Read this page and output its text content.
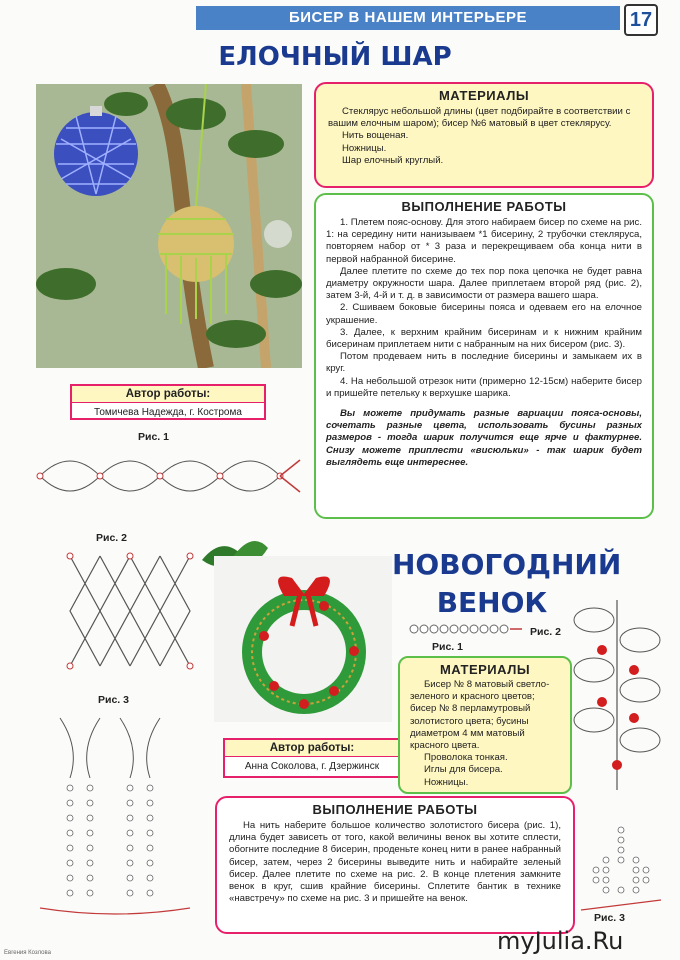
БИСЕР В НАШЕМ ИНТЕРЬЕРЕ	17

ЕЛОЧНЫЙ ШАР
МАТЕРИАЛЫ

Стеклярус небольшой длины (цвет подбирайте в соответствии с вашим елочным шаром); бисер №6 матовый в цвет стеклярусу.

Нить вощеная.

Ножницы.

Шар елочный круглый.

ВЫПОЛНЕНИЕ РАБОТЫ

1. Плетем пояс-основу. Для этого набираем бисер по схеме на рис. 1: на середину нити нанизываем *1 бисерину, 2 трубочки стекляруса, повторяем набор от * 3 раза и перекрещиваем оба конца нити в первой набранной бисерине.

Далее плетите по схеме до тех пор пока цепочка не будет равна диаметру окружности шара. Далее приплетаем второй ряд (рис. 2), затем 3-й, 4-й и т. д. в зависимости от размера вашего шара.

2. Сшиваем боковые бисерины пояса и одеваем его на елочное украшение.

3. Далее, к верхним крайним бисеринам и к нижним крайним бисеринам приплетаем нити с набранным на них бисером (рис. 3).

Потом продеваем нить в последние бисерины и замыкаем их в круг.

4. На небольшой отрезок нити (примерно 12-15см) наберите бисер и пришейте петельку к верхушке шарика.

Вы можете придумать разные вариации пояса-основы, сочетать разные цвета, использовать бусины разных размеров - тогда шарик получится еще ярче и фактурнее. Снизу можете приплести «висюльки» - так шарик будет выглядеть еще интереснее.

Автор работы:
Томичева Надежда, г. Кострома
Рис. 1
Рис. 2
Рис. 3
НОВОГОДНИЙ
ВЕНОК
Автор работы:
Анна Соколова, г. Дзержинск
Рис. 1
Рис. 2
Рис. 3
МАТЕРИАЛЫ

Бисер № 8 матовый светло-зеленого и красного цветов; бисер № 8 перламутровый золотистого цвета; бусины диаметром 4 мм матовый красного цвета.

Проволока тонкая.

Иглы для бисера.

Ножницы.

ВЫПОЛНЕНИЕ РАБОТЫ

На нить наберите большое количество золотистого бисера (рис. 1), длина будет зависеть от того, какой величины венок вы хотите сплести, обогните последние 8 бисерин, проденьте конец нити в ранее набранный бисер, затем, через 2 бисерины выведите нить и набирайте зеленый бисер. Далее плетите по схеме на рис. 2. В конце плетения замкните венок в круг, сшив крайние бисерины. Сплетите бантик в технике «навстречу» по схеме на рис. 3 и пришейте на венок.

myJulia.Ru
Евгения Козлова
